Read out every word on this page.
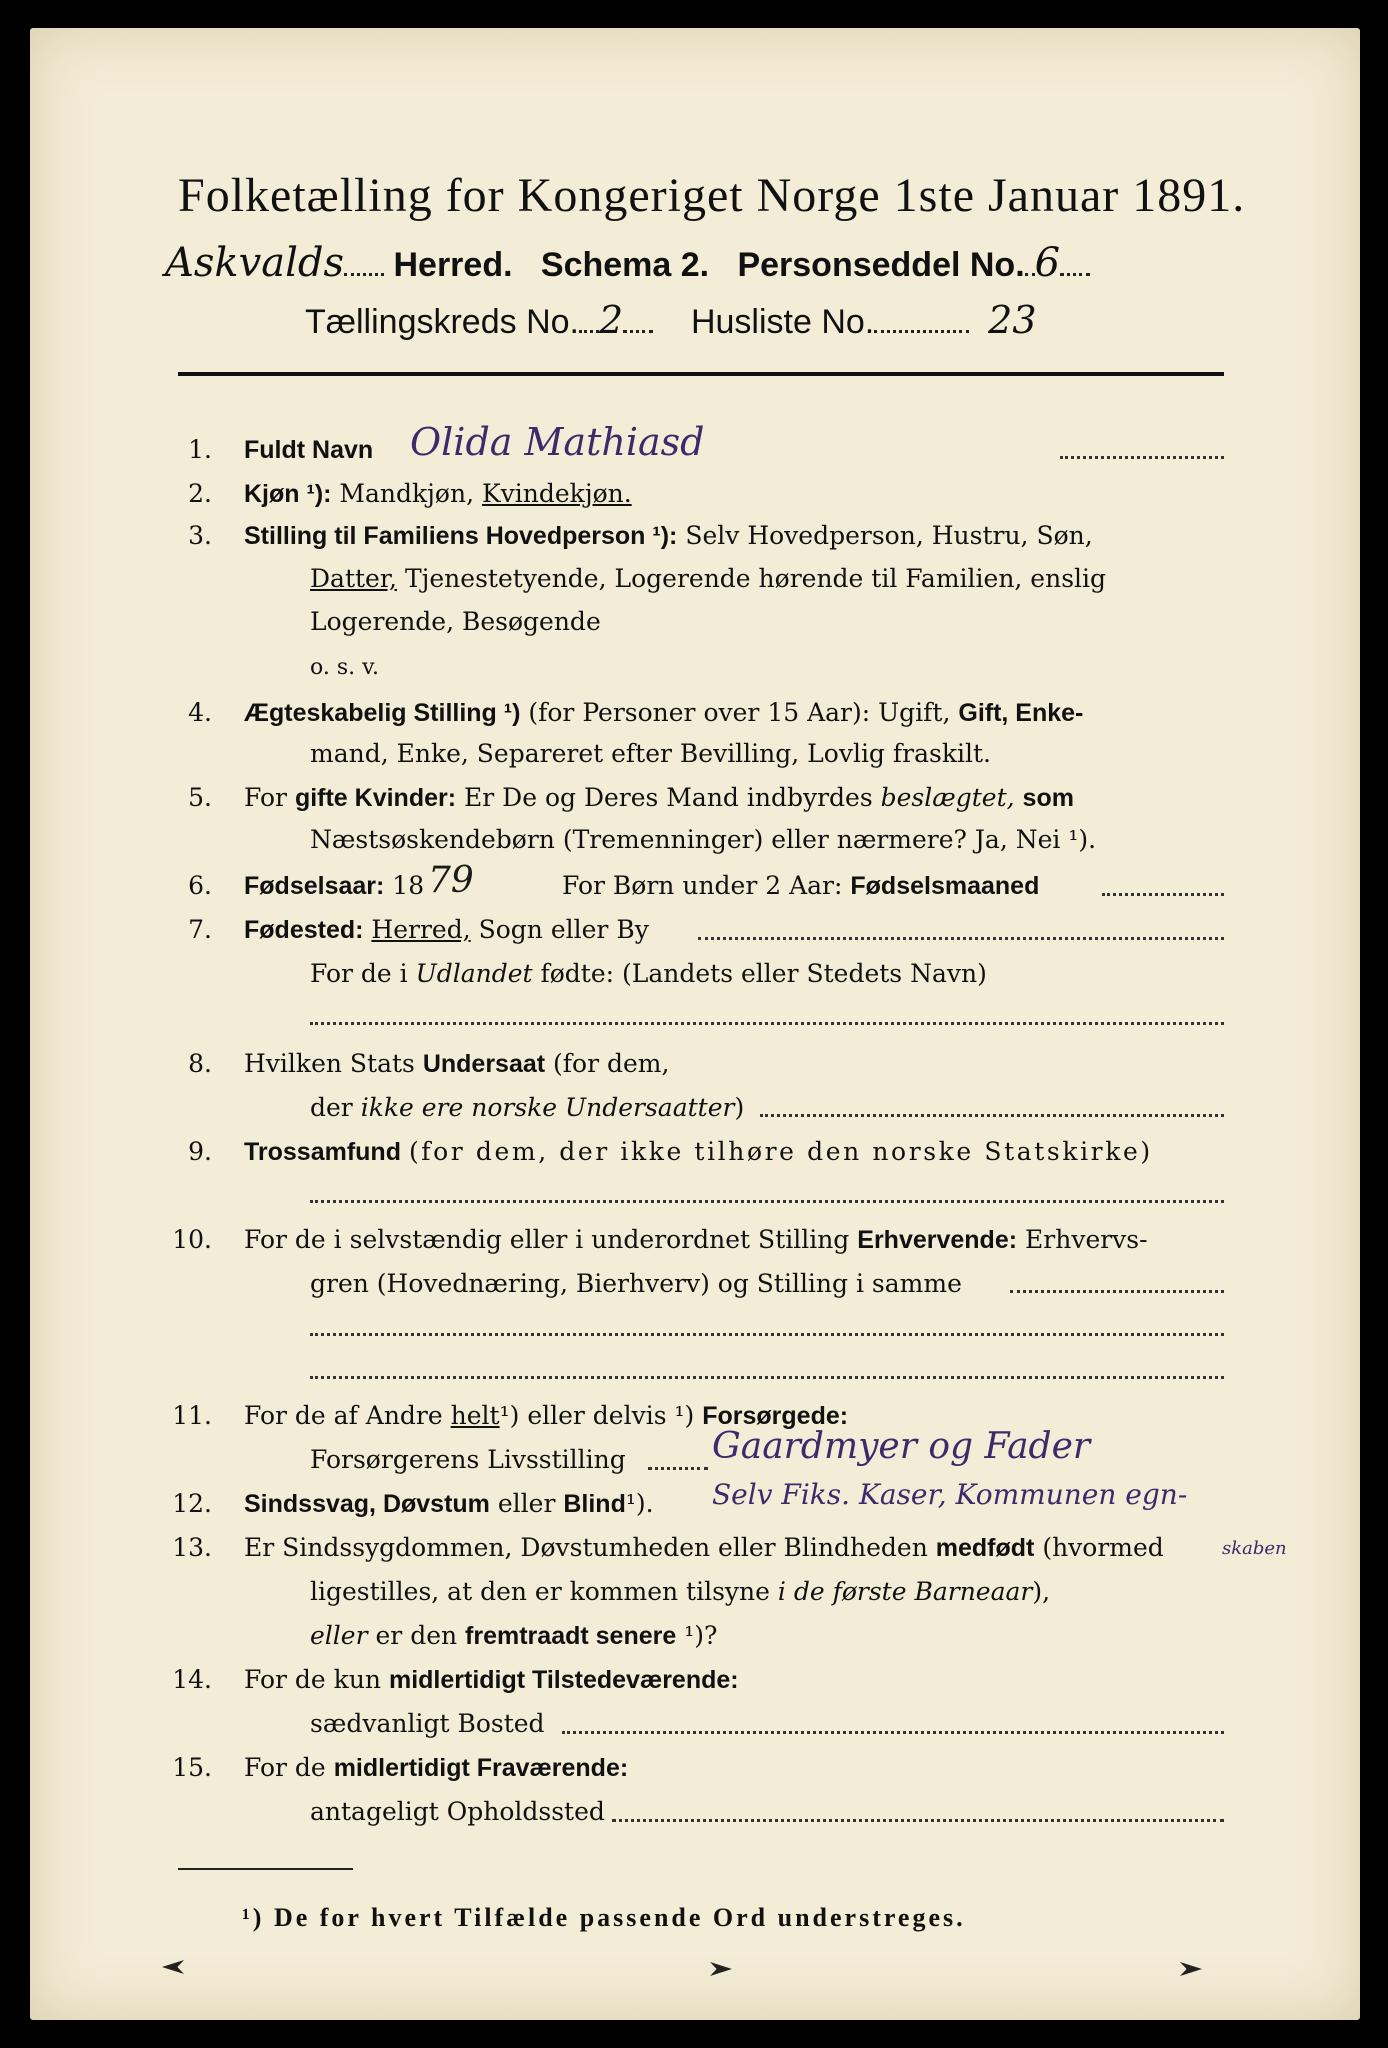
Folketælling for Kongeriget Norge 1ste Januar 1891.
Askvalds Herred. Schema 2. Personseddel No. 6
Tællingskreds No. 2 Husliste No.	23
1. Fuldt Navn Olida Mathiasd
2. Kjøn ¹): Mandkjøn, Kvindekjøn.
3. Stilling til Familiens Hovedperson ¹): Selv Hovedperson, Hustru, Søn,
Datter, Tjenestetyende, Logerende hørende til Familien, enslig
Logerende, Besøgende
o. s. v.
4. Ægteskabelig Stilling ¹) (for Personer over 15 Aar): Ugift, Gift, Enke-
mand, Enke, Separeret efter Bevilling, Lovlig fraskilt.
5. For gifte Kvinder: Er De og Deres Mand indbyrdes beslægtet, som
Næstsøskendebørn (Tremenninger) eller nærmere? Ja, Nei ¹).
6. Fødselsaar: 18 79	For Børn under 2 Aar: Fødselsmaaned
7. Fødested: Herred, Sogn eller By
For de i Udlandet fødte: (Landets eller Stedets Navn)
8. Hvilken Stats Undersaat (for dem,
der ikke ere norske Undersaatter)
9. Trossamfund (for dem, der ikke tilhøre den norske Statskirke)
10. For de i selvstændig eller i underordnet Stilling Erhvervende: Erhvervs-
gren (Hovednæring, Bierhverv) og Stilling i samme
11. For de af Andre helt¹) eller delvis ¹) Forsørgede:
Forsørgerens Livsstilling Gaardmyer og Fader
12. Sindssvag, Døvstum eller Blind¹). Selv Fiks. Kaser, Kommunen egn-
13. Er Sindssygdommen, Døvstumheden eller Blindheden medfødt (hvormed	skaben
ligestilles, at den er kommen tilsyne i de første Barneaar),
eller er den fremtraadt senere ¹)?
14. For de kun midlertidigt Tilstedeværende:
sædvanligt Bosted
15. For de midlertidigt Fraværende:
antageligt Opholdssted
¹) De for hvert Tilfælde passende Ord understreges.
